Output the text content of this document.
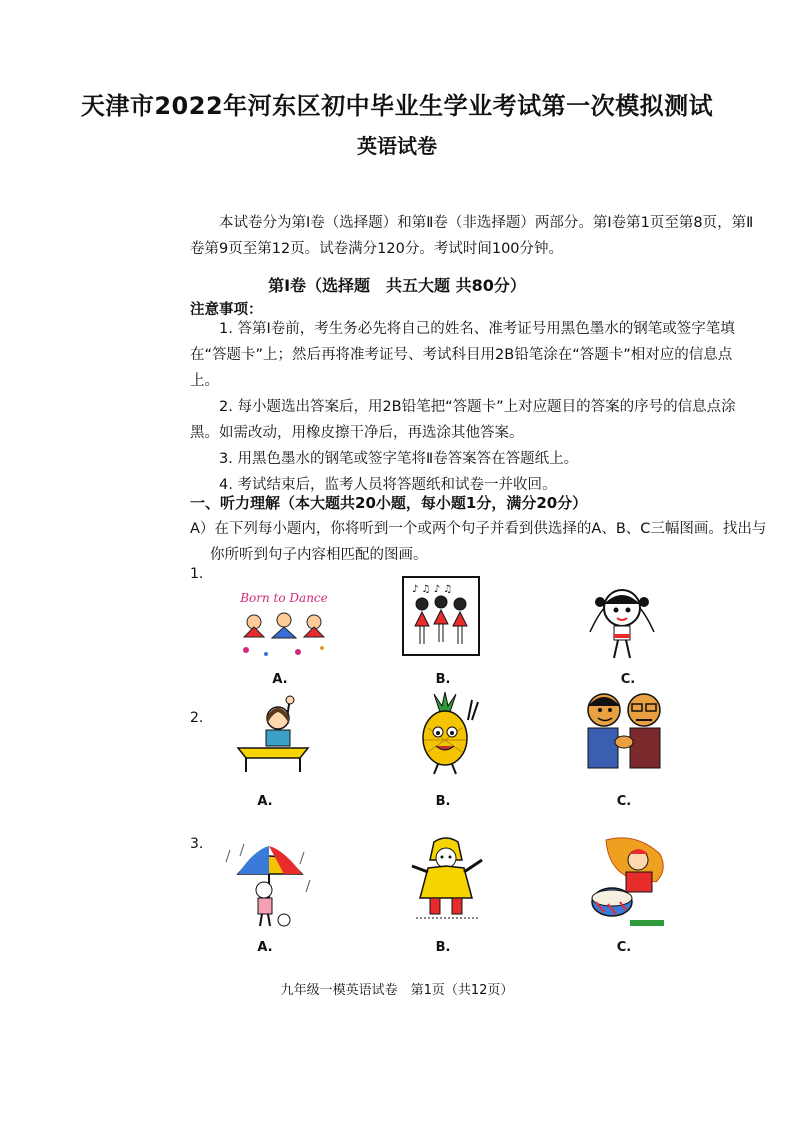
天津市2022年河东区初中毕业生学业考试第一次模拟测试
英语试卷
本试卷分为第Ⅰ卷（选择题）和第Ⅱ卷（非选择题）两部分。第Ⅰ卷第1页至第8页，第Ⅱ卷第9页至第12页。试卷满分120分。考试时间100分钟。
第Ⅰ卷（选择题　共五大题 共80分）
注意事项：

1. 答第Ⅰ卷前，考生务必先将自己的姓名、准考证号用黑色墨水的钢笔或签字笔填在“答题卡”上；然后再将准考证号、考试科目用2B铅笔涂在“答题卡”相对应的信息点上。

2. 每小题选出答案后，用2B铅笔把“答题卡”上对应题目的答案的序号的信息点涂黑。如需改动，用橡皮擦干净后，再选涂其他答案。

3. 用黑色墨水的钢笔或签字笔将Ⅱ卷答案答在答题纸上。

4. 考试结束后，监考人员将答题纸和试卷一并收回。

一、听力理解（本大题共20小题，每小题1分，满分20分）
A）在下列每小题内，你将听到一个或两个句子并看到供选择的A、B、C三幅图画。找出与你所听到句子内容相匹配的图画。
1.
Born to Dance
♪ ♫ ♪ ♫
A.	B.	C.
2.
A.	B.	C.
3.
A.	B.	C.
九年级一模英语试卷　第1页（共12页）
